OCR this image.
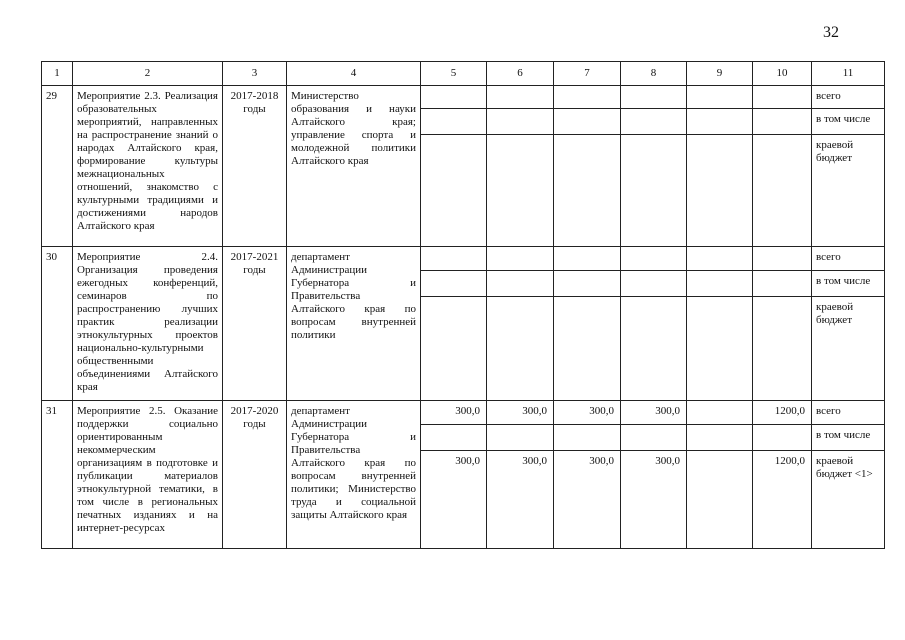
32
1	2	3	4	5	6	7	8	9	10	11
29	Мероприятие 2.3. Реализация образовательных мероприятий, направленных на распространение знаний о народах Алтайского края, формирование культуры межнациональных отношений, знакомство с культурными традициями и достижениями народов Алтайского края	2017-2018 годы	Министерство образования и науки Алтайского края; управление спорта и молодежной политики Алтайского края							всего
										в том числе
										краевой бюджет
30	Мероприятие 2.4. Организация проведения ежегодных конференций, семинаров по распространению лучших практик реализации этнокультурных проектов национально-культурными общественными объединениями Алтайского края	2017-2021 годы	департамент Администрации Губернатора и Правительства Алтайского края по вопросам внутренней политики							всего
										в том числе
										краевой бюджет
31	Мероприятие 2.5. Оказание поддержки социально ориентированным некоммерческим организациям в подготовке и публикации материалов этнокультурной тематики, в том числе в региональных печатных изданиях и на интернет-ресурсах	2017-2020 годы	департамент Администрации Губернатора и Правительства Алтайского края по вопросам внутренней политики; Министерство труда и социальной защиты Алтайского края	300,0	300,0	300,0	300,0		1200,0	всего
										в том числе
				300,0	300,0	300,0	300,0		1200,0	краевой бюджет <1>
